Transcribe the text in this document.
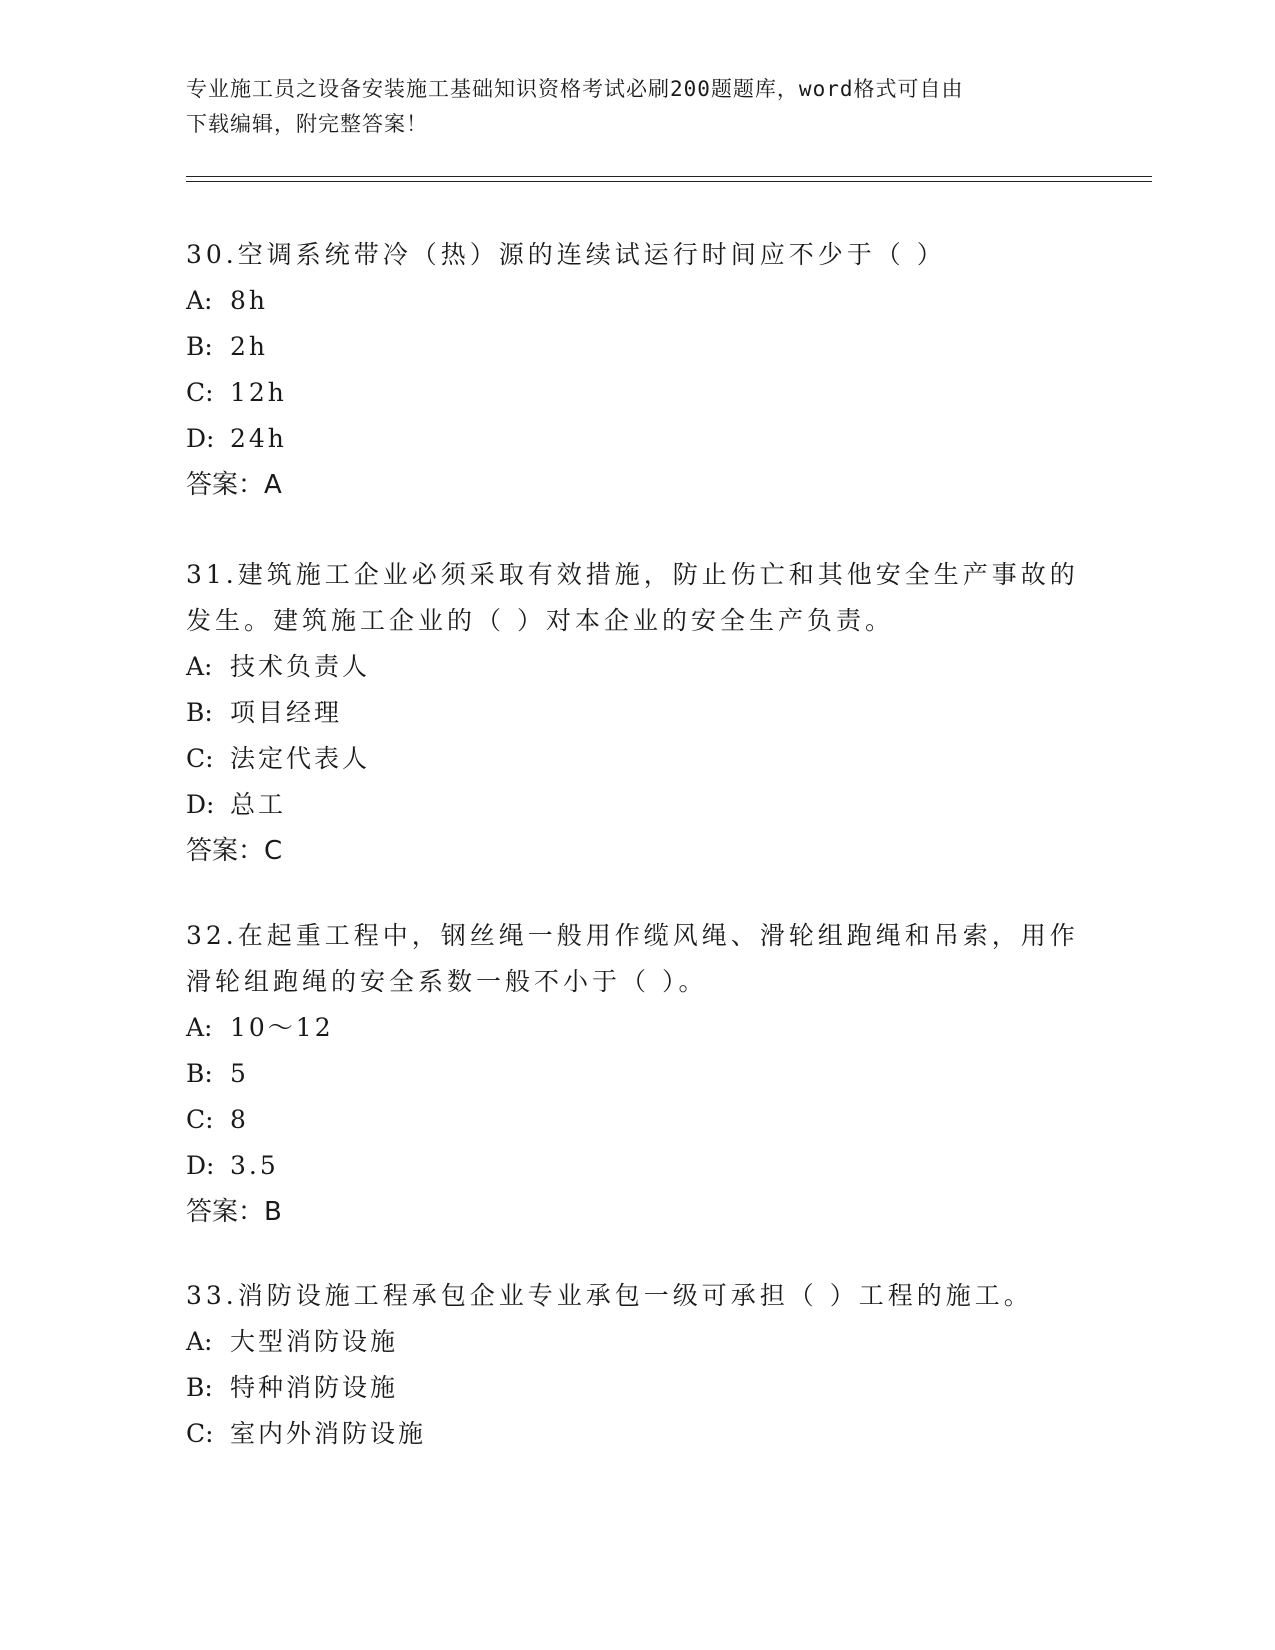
专业施工员之设备安装施工基础知识资格考试必刷200题题库，word格式可自由
下载编辑，附完整答案！

30.空调系统带冷（热）源的连续试运行时间应不少于（ ）

A: 8h

B: 2h

C: 12h

D: 24h

答案：A

31.建筑施工企业必须采取有效措施，防止伤亡和其他安全生产事故的发生。建筑施工企业的（ ）对本企业的安全生产负责。

A: 技术负责人

B: 项目经理

C: 法定代表人

D: 总工

答案：C

32.在起重工程中，钢丝绳一般用作缆风绳、滑轮组跑绳和吊索，用作滑轮组跑绳的安全系数一般不小于（ ）。

A: 10～12

B: 5

C: 8

D: 3.5

答案：B

33.消防设施工程承包企业专业承包一级可承担（ ）工程的施工。

A: 大型消防设施

B: 特种消防设施

C: 室内外消防设施
